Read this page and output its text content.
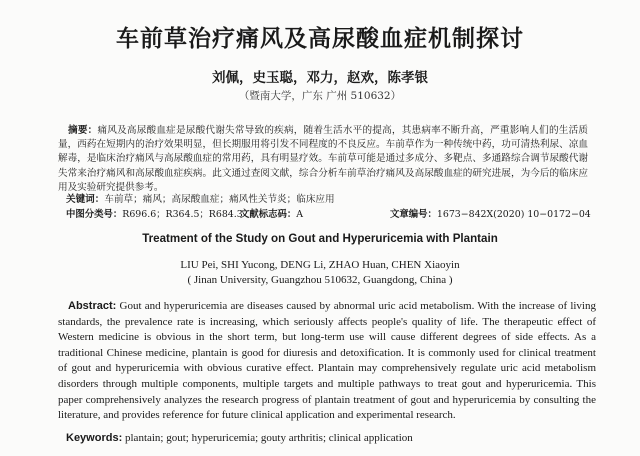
车前草治疗痛风及高尿酸血症机制探讨
刘佩，史玉聪，邓力，赵欢，陈孝银
（暨南大学，广东 广州 510632）
摘要：痛风及高尿酸血症是尿酸代谢失常导致的疾病，随着生活水平的提高，其患病率不断升高，严重影响人们的生活质量，西药在短期内的治疗效果明显，但长期服用将引发不同程度的不良反应。车前草作为一种传统中药，功可清热利尿、凉血解毒，是临床治疗痛风与高尿酸血症的常用药，具有明显疗效。车前草可能是通过多成分、多靶点、多通路综合调节尿酸代谢失常来治疗痛风和高尿酸血症疾病。此文通过查阅文献，综合分析车前草治疗痛风及高尿酸血症的研究进展，为今后的临床应用及实验研究提供参考。
关键词：车前草；痛风；高尿酸血症；痛风性关节炎；临床应用
中图分类号：R696.6；R364.5；R684.3
文献标志码：A	文章编号：1673−842X(2020) 10−0172−04
Treatment of the Study on Gout and Hyperuricemia with Plantain
LIU Pei, SHI Yucong, DENG Li, ZHAO Huan, CHEN Xiaoyin
( Jinan University, Guangzhou 510632, Guangdong, China )
Abstract: Gout and hyperuricemia are diseases caused by abnormal uric acid metabolism. With the increase of living standards, the prevalence rate is increasing, which seriously affects people's quality of life. The therapeutic effect of Western medicine is obvious in the short term, but long-term use will cause different degrees of side effects. As a traditional Chinese medicine, plantain is good for diuresis and detoxification. It is commonly used for clinical treatment of gout and hyperuricemia with obvious curative effect. Plantain may comprehensively regulate uric acid metabolism disorders through multiple components, multiple targets and multiple pathways to treat gout and hyperuricemia. This paper comprehensively analyzes the research progress of plantain treatment of gout and hyperuricemia by consulting the literature, and provides reference for future clinical application and experimental research.
Keywords: plantain; gout; hyperuricemia; gouty arthritis; clinical application
